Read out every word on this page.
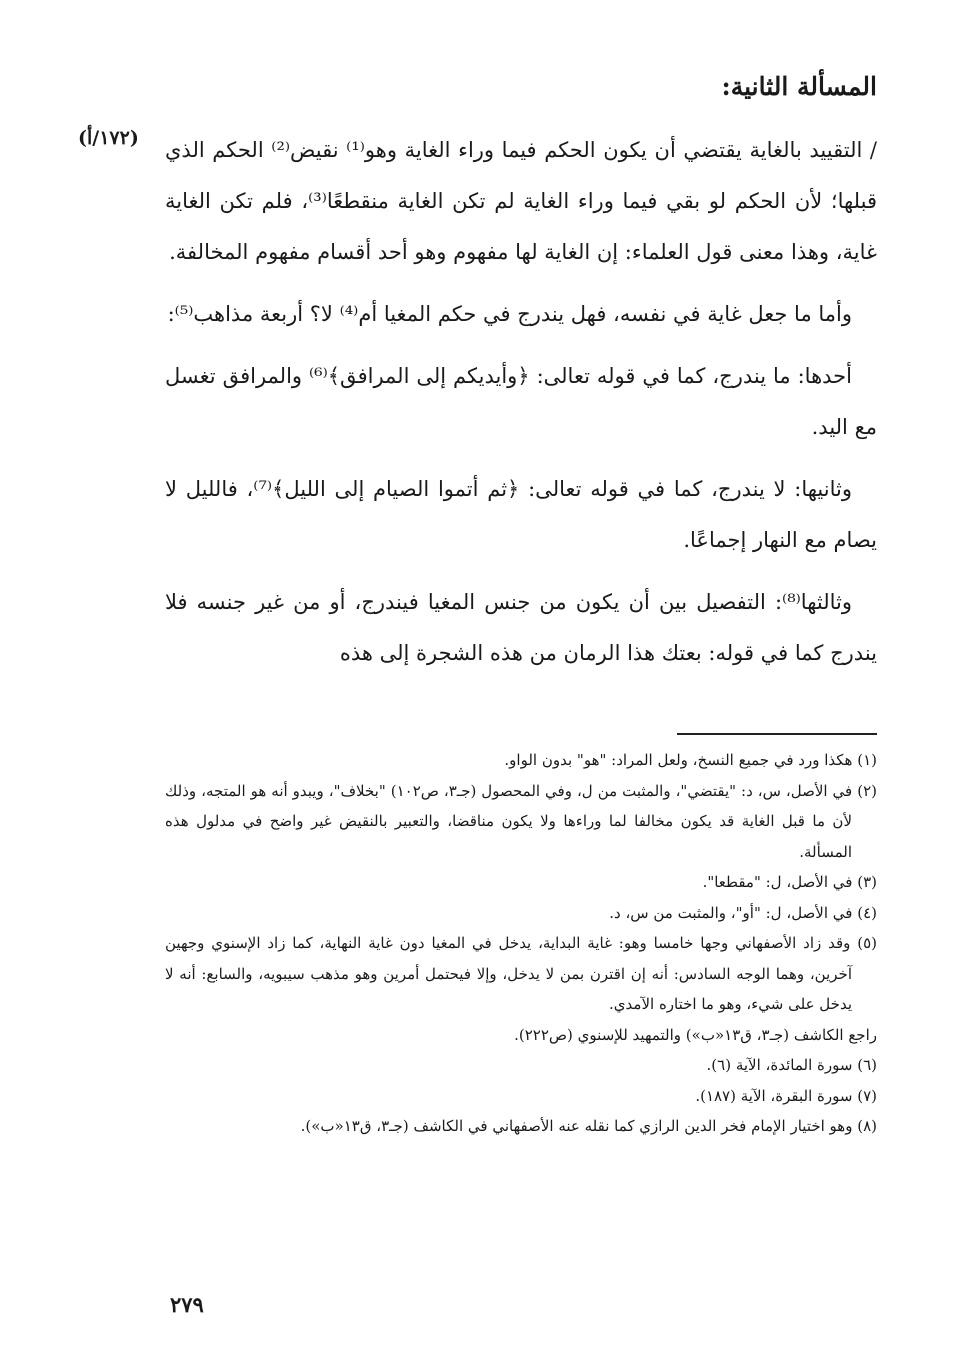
المسألة الثانية:
(١٧٢/أ) / التقييد بالغاية يقتضي أن يكون الحكم فيما وراء الغاية وهو⁽¹⁾ نقيض⁽²⁾ الحكم الذي قبلها؛ لأن الحكم لو بقي فيما وراء الغاية لم تكن الغاية منقطعًا⁽³⁾، فلم تكن الغاية غاية، وهذا معنى قول العلماء: إن الغاية لها مفهوم وهو أحد أقسام مفهوم المخالفة.

وأما ما جعل غاية في نفسه، فهل يندرج في حكم المغيا أم⁽⁴⁾ لا؟ أربعة مذاهب⁽⁵⁾:

أحدها: ما يندرج، كما في قوله تعالى: ﴿وأيديكم إلى المرافق﴾⁽⁶⁾ والمرافق تغسل مع اليد.

وثانيها: لا يندرج، كما في قوله تعالى: ﴿ثم أتموا الصيام إلى الليل﴾⁽⁷⁾، فالليل لا يصام مع النهار إجماعًا.

وثالثها⁽⁸⁾: التفصيل بين أن يكون من جنس المغيا فيندرج، أو من غير جنسه فلا يندرج كما في قوله: بعتك هذا الرمان من هذه الشجرة إلى هذه

(١) هكذا ورد في جميع النسخ، ولعل المراد: "هو" بدون الواو.

(٢) في الأصل، س، د: "يقتضي"، والمثبت من ل، وفي المحصول (جـ٣، ص١٠٢) "بخلاف"، ويبدو أنه هو المتجه، وذلك لأن ما قبل الغاية قد يكون مخالفا لما وراءها ولا يكون مناقضا، والتعبير بالنقيض غير واضح في مدلول هذه المسألة.

(٣) في الأصل، ل: "مقطعا".

(٤) في الأصل، ل: "أو"، والمثبت من س، د.

(٥) وقد زاد الأصفهاني وجها خامسا وهو: غاية البداية، يدخل في المغيا دون غاية النهاية، كما زاد الإسنوي وجهين آخرين، وهما الوجه السادس: أنه إن اقترن بمن لا يدخل، وإلا فيحتمل أمرين وهو مذهب سيبويه، والسابع: أنه لا يدخل على شيء، وهو ما اختاره الآمدي.

راجع الكاشف (جـ٣، ق١٣«ب») والتمهيد للإسنوي (ص٢٢٢).

(٦) سورة المائدة، الآية (٦).

(٧) سورة البقرة، الآية (١٨٧).

(٨) وهو اختيار الإمام فخر الدين الرازي كما نقله عنه الأصفهاني في الكاشف (جـ٣، ق١٣«ب»).

٢٧٩
